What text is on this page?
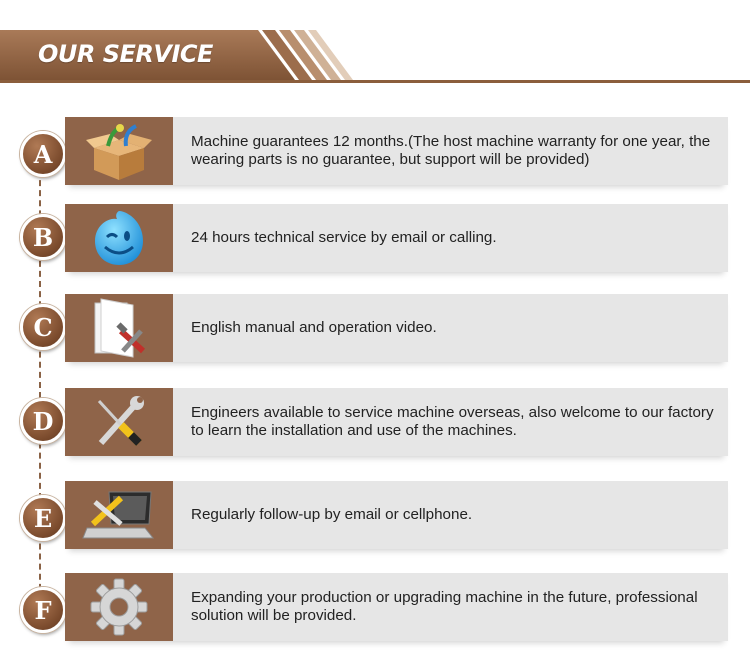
OUR SERVICE
A	Machine guarantees 12 months.(The host machine warranty for one year, the wearing parts is no guarantee, but support will be provided)
B	24 hours technical service by email or calling.
C	English manual and operation video.
D	Engineers available to service machine overseas, also welcome to our factory to learn the installation and use of the machines.
E	Regularly follow-up by email or cellphone.
F	Expanding your production or upgrading machine in the future, professional solution will be provided.
